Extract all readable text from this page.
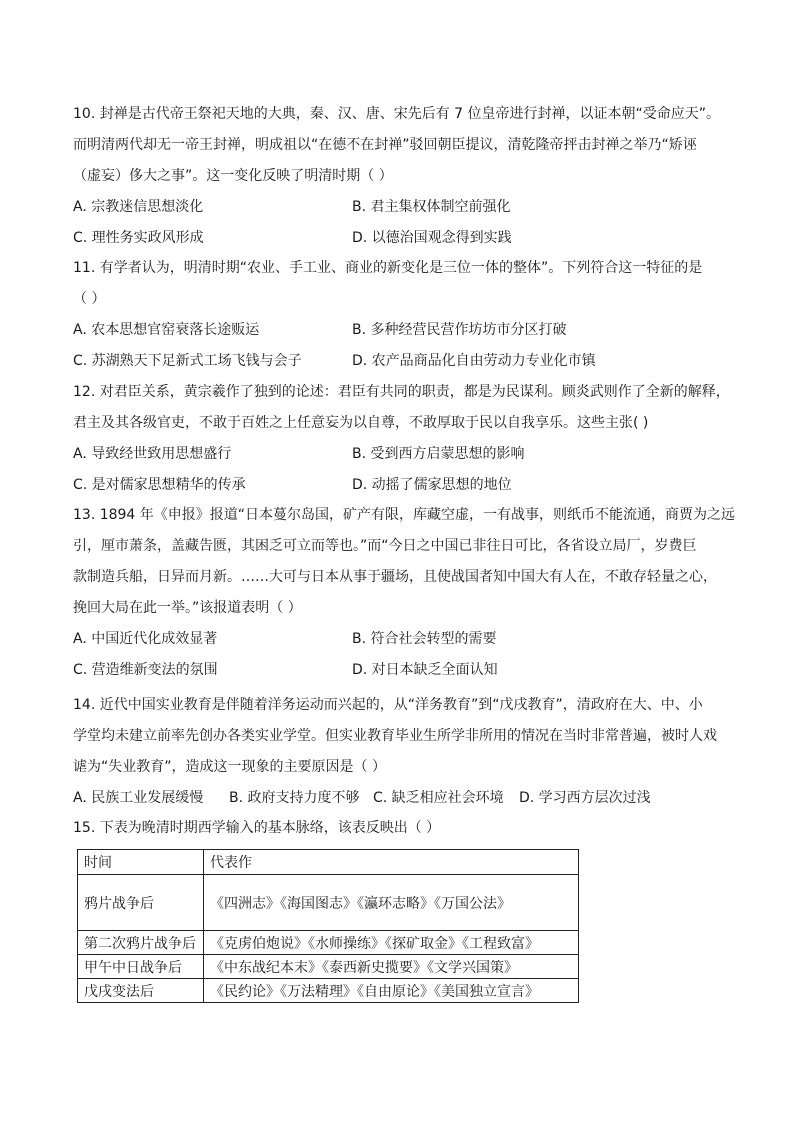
10. 封禅是古代帝王祭祀天地的大典，秦、汉、唐、宋先后有 7 位皇帝进行封禅，以证本朝“受命应天”。

而明清两代却无一帝王封禅，明成祖以“在德不在封禅”驳回朝臣提议，清乾隆帝抨击封禅之举乃“矫诬

（虚妄）侈大之事”。这一变化反映了明清时期（ ）

A. 宗教迷信思想淡化	B. 君主集权体制空前强化
C. 理性务实政风形成	D. 以德治国观念得到实践

11. 有学者认为，明清时期“农业、手工业、商业的新变化是三位一体的整体”。下列符合这一特征的是

（ ）

A. 农本思想官窑衰落长途贩运	B. 多种经营民营作坊坊市分区打破
C. 苏湖熟天下足新式工场飞钱与会子	D. 农产品商品化自由劳动力专业化市镇

12. 对君臣关系，黄宗羲作了独到的论述：君臣有共同的职责，都是为民谋利。顾炎武则作了全新的解释，

君主及其各级官吏，不敢于百姓之上任意妄为以自尊，不敢厚取于民以自我享乐。这些主张( )

A. 导致经世致用思想盛行	B. 受到西方启蒙思想的影响
C. 是对儒家思想精华的传承	D. 动摇了儒家思想的地位

13. 1894 年《申报》报道“日本蔓尔岛国，矿产有限，库藏空虚，一有战事，则纸币不能流通，商贾为之远

引，厘市萧条，盖藏告匮，其困乏可立而等也。”而“今日之中国已非往日可比，各省设立局厂，岁费巨

款制造兵船，日异而月新。……大可与日本从事于疆场，且使战国者知中国大有人在，不敢存轻量之心，

挽回大局在此一举。”该报道表明（ ）

A. 中国近代化成效显著	B. 符合社会转型的需要
C. 营造维新变法的氛围	D. 对日本缺乏全面认知

14. 近代中国实业教育是伴随着洋务运动而兴起的，从“洋务教育”到“戊戌教育”，清政府在大、中、小

学堂均未建立前率先创办各类实业学堂。但实业教育毕业生所学非所用的情况在当时非常普遍，被时人戏

谑为“失业教育”，造成这一现象的主要原因是（ ）

A. 民族工业发展缓慢 B. 政府支持力度不够 C. 缺乏相应社会环境 D. 学习西方层次过浅

15. 下表为晚清时期西学输入的基本脉络，该表反映出（ ）

时间	代表作
鸦片战争后	《四洲志》《海国图志》《瀛环志略》《万国公法》
第二次鸦片战争后	《克虏伯炮说》《水师操练》《探矿取金》《工程致富》
甲午中日战争后	《中东战纪本末》《泰西新史揽要》《文学兴国策》
戊戌变法后	《民约论》《万法精理》《自由原论》《美国独立宣言》
